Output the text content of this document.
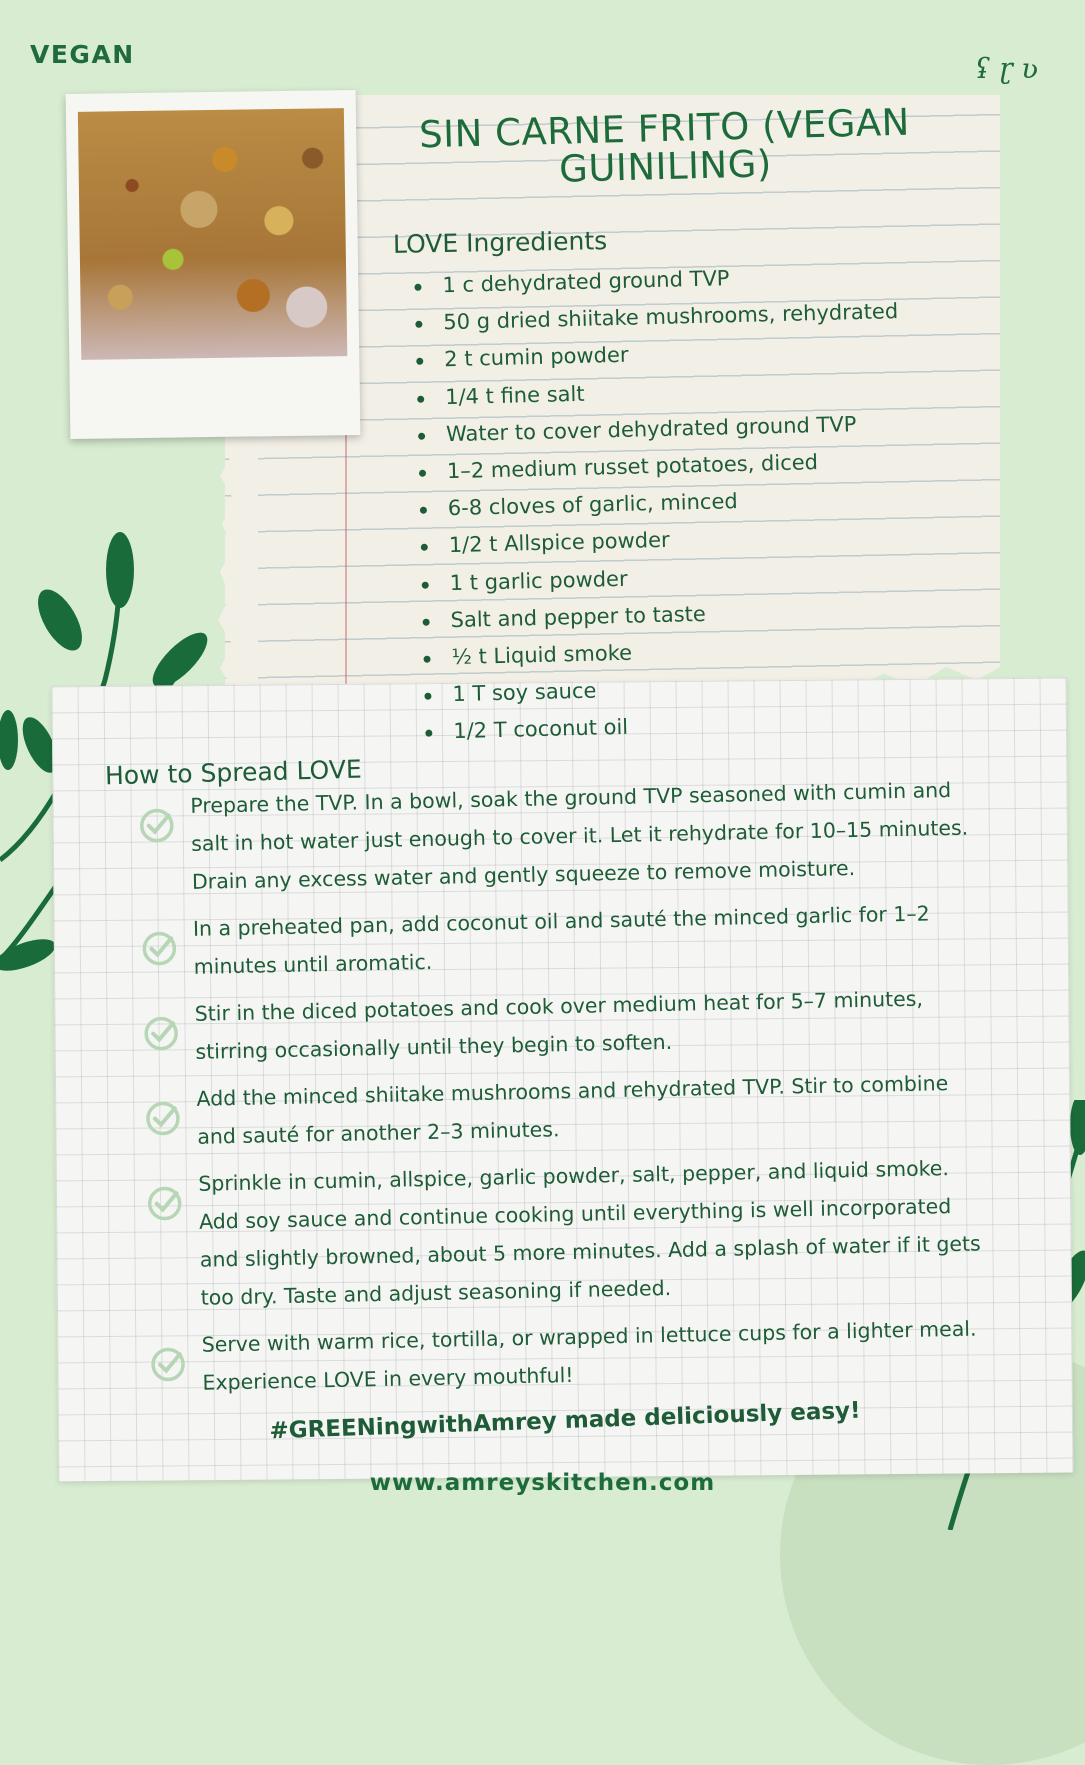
VEGAN	ʢ ɽ ʋ
SIN CARNE FRITO (VEGAN GUINILING)
LOVE Ingredients
1 c dehydrated ground TVP
50 g dried shiitake mushrooms, rehydrated
2 t cumin powder
1/4 t fine salt
Water to cover dehydrated ground TVP
1–2 medium russet potatoes, diced
6-8 cloves of garlic, minced
1/2 t Allspice powder
1 t garlic powder
Salt and pepper to taste
½ t Liquid smoke
1 T soy sauce
1/2 T coconut oil
How to Spread LOVE
Prepare the TVP. In a bowl, soak the ground TVP seasoned with cumin and salt in hot water just enough to cover it. Let it rehydrate for 10–15 minutes. Drain any excess water and gently squeeze to remove moisture.
In a preheated pan, add coconut oil and sauté the minced garlic for 1–2 minutes until aromatic.
Stir in the diced potatoes and cook over medium heat for 5–7 minutes, stirring occasionally until they begin to soften.
Add the minced shiitake mushrooms and rehydrated TVP. Stir to combine and sauté for another 2–3 minutes.
Sprinkle in cumin, allspice, garlic powder, salt, pepper, and liquid smoke. Add soy sauce and continue cooking until everything is well incorporated and slightly browned, about 5 more minutes. Add a splash of water if it gets too dry. Taste and adjust seasoning if needed.
Serve with warm rice, tortilla, or wrapped in lettuce cups for a lighter meal. Experience LOVE in every mouthful!
#GREENingwithAmrey made deliciously easy!
www.amreyskitchen.com
